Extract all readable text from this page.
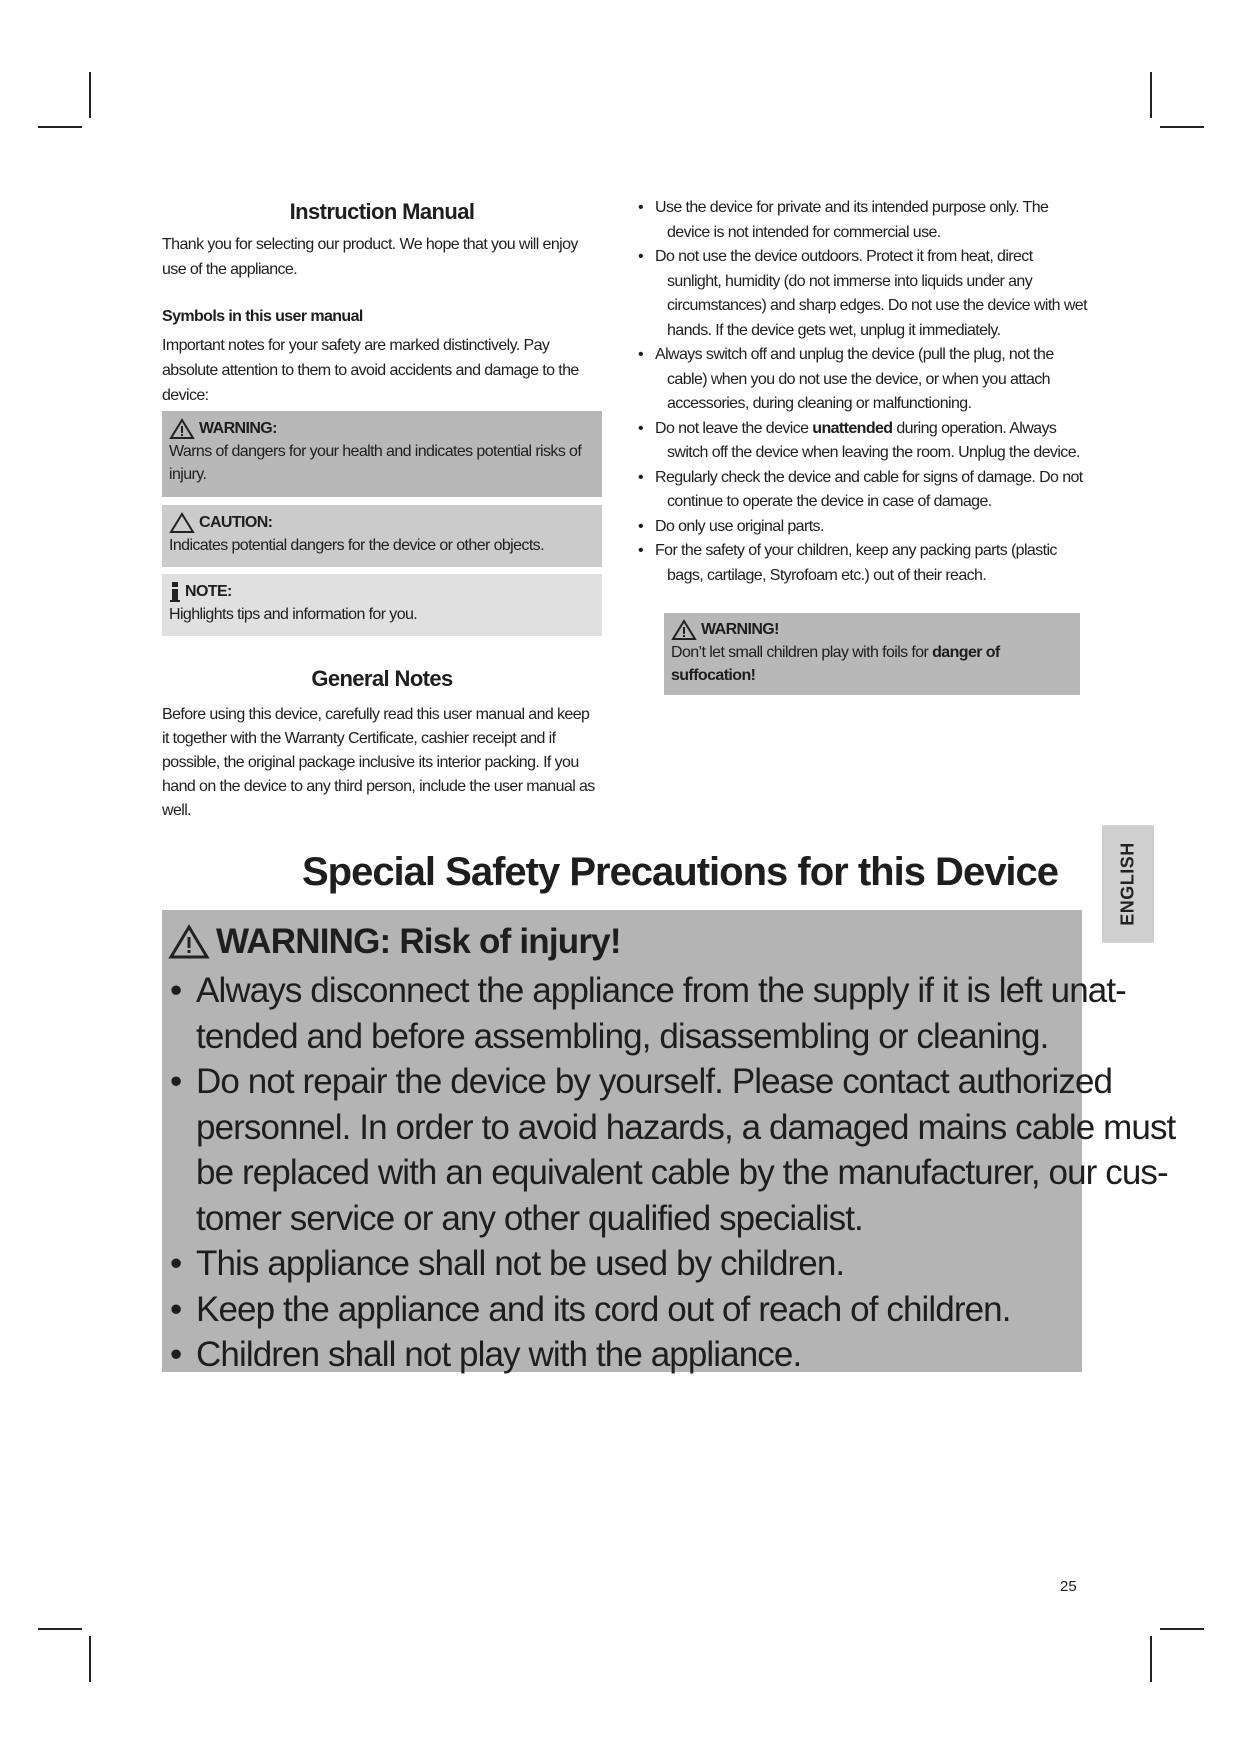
Instruction Manual
Thank you for selecting our product. We hope that you will enjoy use of the appliance.
Symbols in this user manual
Important notes for your safety are marked distinctively. Pay absolute attention to them to avoid accidents and damage to the device:
WARNING:
Warns of dangers for your health and indicates potential risks of injury.
CAUTION:
Indicates potential dangers for the device or other objects.
NOTE:
Highlights tips and information for you.
General Notes
Before using this device, carefully read this user manual and keep it together with the Warranty Certificate, cashier receipt and if possible, the original package inclusive its interior packing. If you hand on the device to any third person, include the user manual as well.
• Use the device for private and its intended purpose only. The device is not intended for commercial use.
• Do not use the device outdoors. Protect it from heat, direct sunlight, humidity (do not immerse into liquids under any circumstances) and sharp edges. Do not use the device with wet hands. If the device gets wet, unplug it immediately.
• Always switch off and unplug the device (pull the plug, not the cable) when you do not use the device, or when you attach accessories, during cleaning or malfunctioning.
• Do not leave the device unattended during operation. Always switch off the device when leaving the room. Unplug the device.
• Regularly check the device and cable for signs of damage. Do not continue to operate the device in case of damage.
• Do only use original parts.
• For the safety of your children, keep any packing parts (plastic bags, cartilage, Styrofoam etc.) out of their reach.
WARNING!
Don’t let small children play with foils for danger of suffocation!
Special Safety Precautions for this Device
WARNING: Risk of injury!
• Always disconnect the appliance from the supply if it is left unat-
tended and before assembling, disassembling or cleaning.
• Do not repair the device by yourself. Please contact authorized
personnel. In order to avoid hazards, a damaged mains cable must
be replaced with an equivalent cable by the manufacturer, our cus-
tomer service or any other qualified specialist.
• This appliance shall not be used by children.
• Keep the appliance and its cord out of reach of children.
• Children shall not play with the appliance.
ENGLISH
25
